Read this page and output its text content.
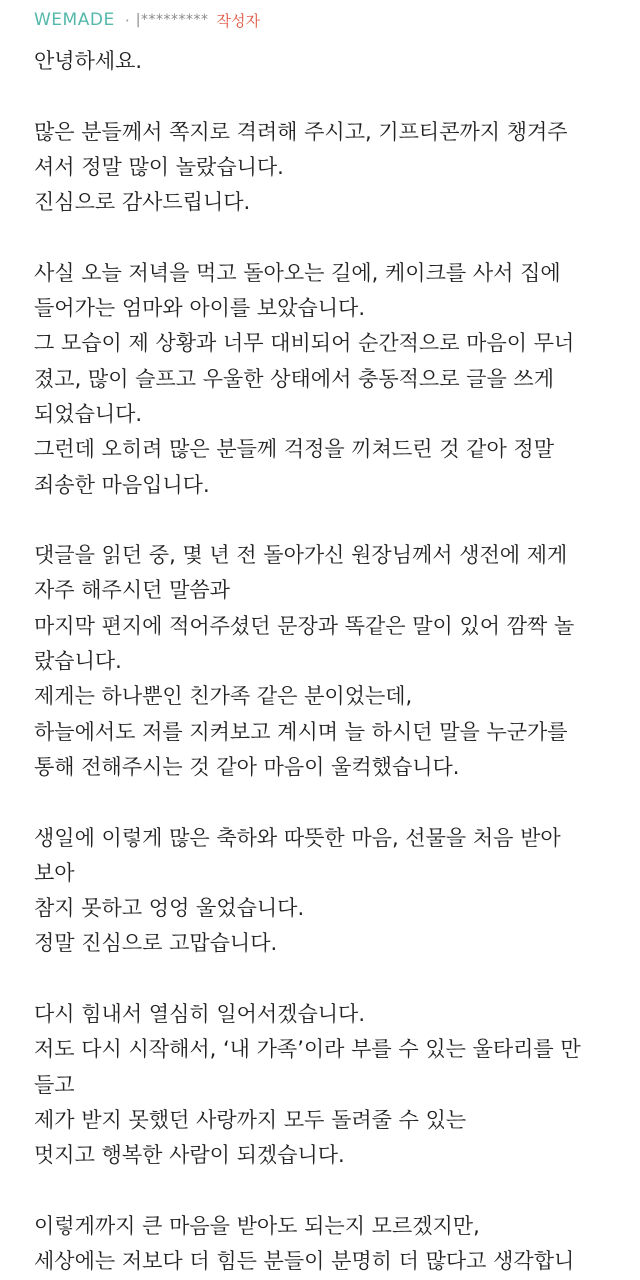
WEMADE · |********* 작성자
안녕하세요.
많은 분들께서 쪽지로 격려해 주시고, 기프티콘까지 챙겨주
셔서 정말 많이 놀랐습니다.
진심으로 감사드립니다.
사실 오늘 저녁을 먹고 돌아오는 길에, 케이크를 사서 집에
들어가는 엄마와 아이를 보았습니다.
그 모습이 제 상황과 너무 대비되어 순간적으로 마음이 무너
졌고, 많이 슬프고 우울한 상태에서 충동적으로 글을 쓰게
되었습니다.
그런데 오히려 많은 분들께 걱정을 끼쳐드린 것 같아 정말
죄송한 마음입니다.
댓글을 읽던 중, 몇 년 전 돌아가신 원장님께서 생전에 제게
자주 해주시던 말씀과
마지막 편지에 적어주셨던 문장과 똑같은 말이 있어 깜짝 놀
랐습니다.
제게는 하나뿐인 친가족 같은 분이었는데,
하늘에서도 저를 지켜보고 계시며 늘 하시던 말을 누군가를
통해 전해주시는 것 같아 마음이 울컥했습니다.
생일에 이렇게 많은 축하와 따뜻한 마음, 선물을 처음 받아
보아
참지 못하고 엉엉 울었습니다.
정말 진심으로 고맙습니다.
다시 힘내서 열심히 일어서겠습니다.
저도 다시 시작해서, ‘내 가족’이라 부를 수 있는 울타리를 만
들고
제가 받지 못했던 사랑까지 모두 돌려줄 수 있는
멋지고 행복한 사람이 되겠습니다.
이렇게까지 큰 마음을 받아도 되는지 모르겠지만,
세상에는 저보다 더 힘든 분들이 분명히 더 많다고 생각합니
